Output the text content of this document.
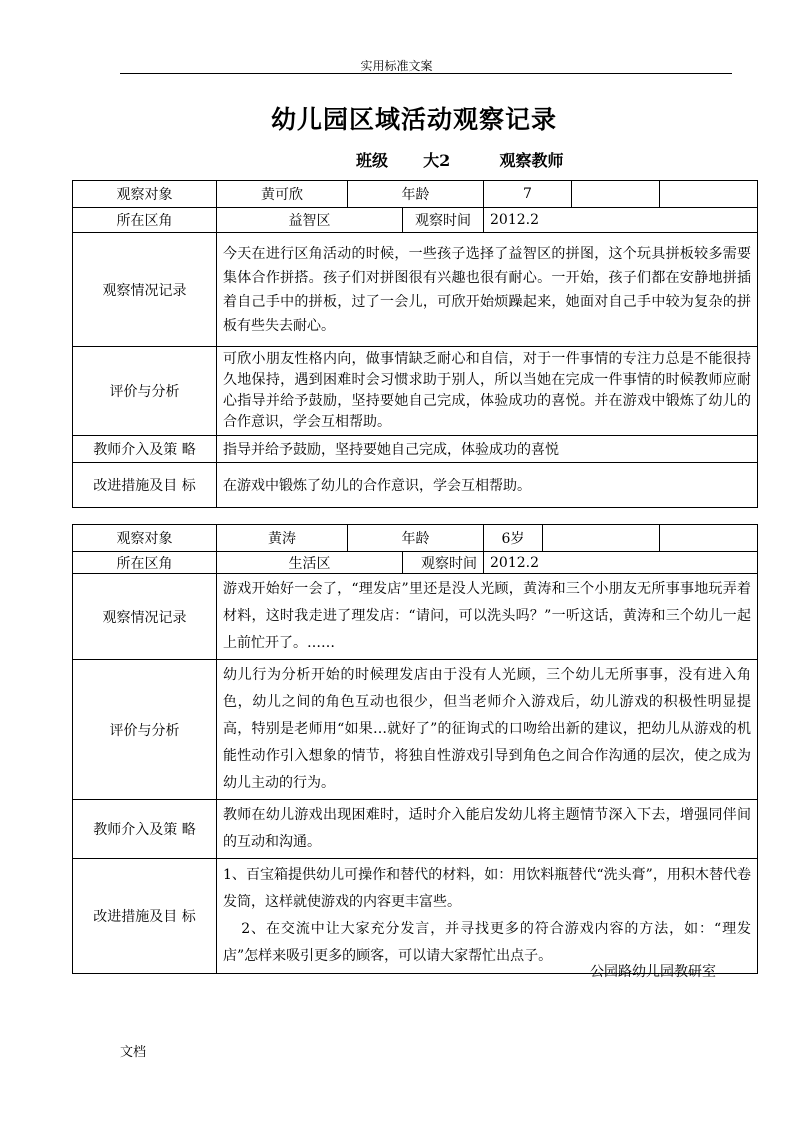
实用标准文案
幼儿园区域活动观察记录
班级 大2	观察教师
观察对象	黄可欣	年龄		7		
所在区角	益智区		观察时间	2012.2		
观察情况记录	今天在进行区角活动的时候，一些孩子选择了益智区的拼图，这个玩具拼板较多需要集体合作拼搭。孩子们对拼图很有兴趣也很有耐心。一开始，孩子们都在安静地拼插着自己手中的拼板，过了一会儿，可欣开始烦躁起来，她面对自己手中较为复杂的拼板有些失去耐心。					
评价与分析	可欣小朋友性格内向，做事情缺乏耐心和自信，对于一件事情的专注力总是不能很持久地保持，遇到困难时会习惯求助于别人，所以当她在完成一件事情的时候教师应耐心指导并给予鼓励，坚持要她自己完成，体验成功的喜悦。并在游戏中锻炼了幼儿的合作意识，学会互相帮助。					
教师介入及策 略	指导并给予鼓励，坚持要她自己完成，体验成功的喜悦					
改进措施及目 标	在游戏中锻炼了幼儿的合作意识，学会互相帮助。					
观察对象	黄涛	年龄		6岁		
所在区角	生活区		观察时间	2012.2		
观察情况记录	游戏开始好一会了，“理发店”里还是没人光顾，黄涛和三个小朋友无所事事地玩弄着材料，这时我走进了理发店：“请问，可以洗头吗？”一听这话，黄涛和三个幼儿一起上前忙开了。……					
评价与分析	幼儿行为分析开始的时候理发店由于没有人光顾，三个幼儿无所事事，没有进入角色，幼儿之间的角色互动也很少，但当老师介入游戏后，幼儿游戏的积极性明显提高，特别是老师用“如果…就好了”的征询式的口吻给出新的建议，把幼儿从游戏的机能性动作引入想象的情节，将独自性游戏引导到角色之间合作沟通的层次，使之成为幼儿主动的行为。					
教师介入及策 略	教师在幼儿游戏出现困难时，适时介入能启发幼儿将主题情节深入下去，增强同伴间的互动和沟通。					
改进措施及目 标	1、百宝箱提供幼儿可操作和替代的材料，如：用饮料瓶替代“洗头膏”，用积木替代卷发筒，这样就使游戏的内容更丰富些。

2、在交流中让大家充分发言，并寻找更多的符合游戏内容的方法，如：“理发店”怎样来吸引更多的顾客，可以请大家帮忙出点子。					

公园路幼儿园教研室
文档
